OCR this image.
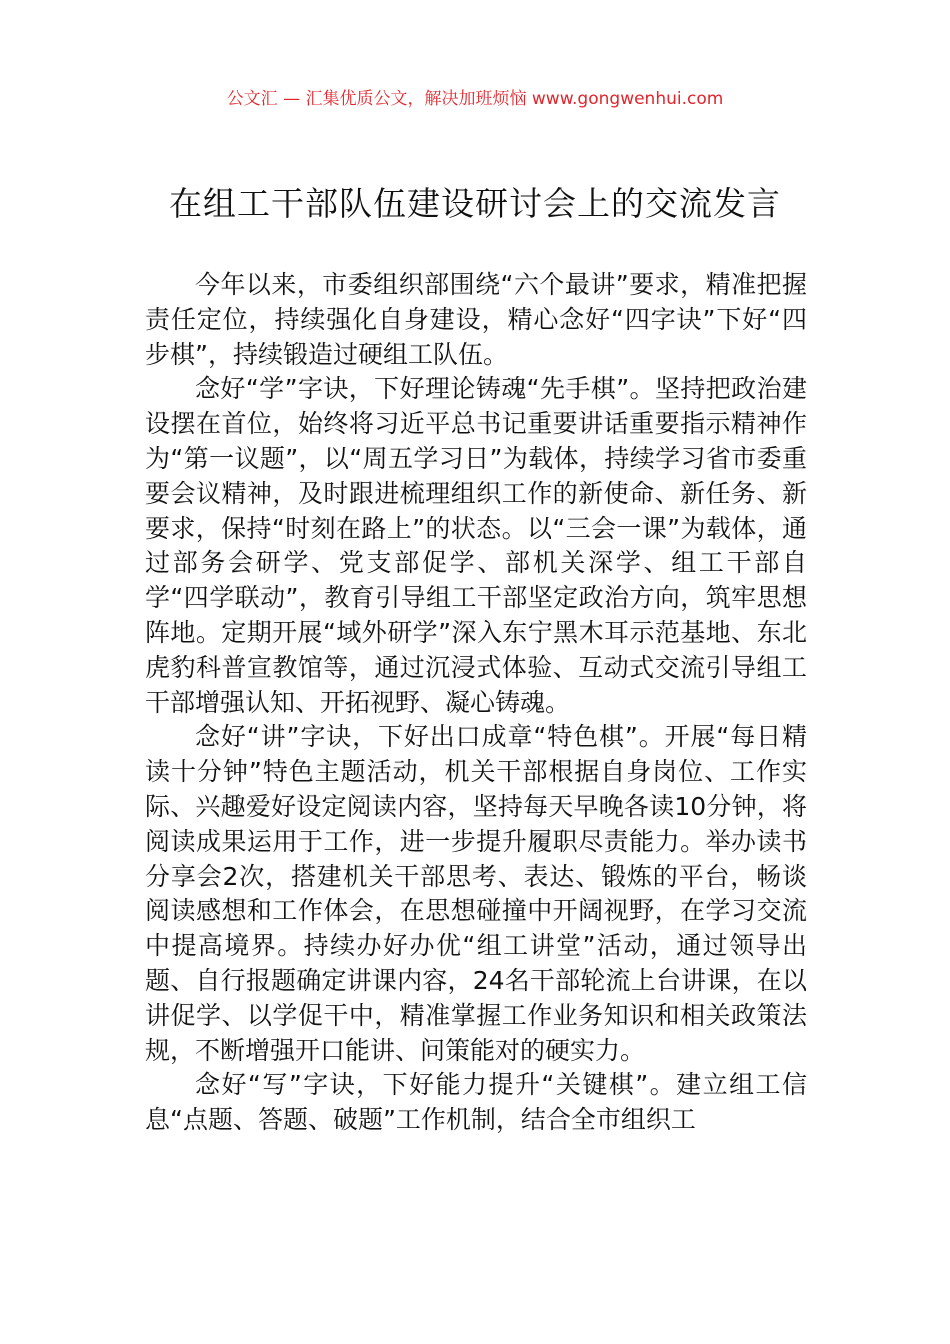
公文汇 — 汇集优质公文，解决加班烦恼 www.gongwenhui.com
在组工干部队伍建设研讨会上的交流发言

今年以来，市委组织部围绕“六个最讲”要求，精准把握责任定位，持续强化自身建设，精心念好“四字诀”下好“四步棋”，持续锻造过硬组工队伍。

念好“学”字诀，下好理论铸魂“先手棋”。坚持把政治建设摆在首位，始终将习近平总书记重要讲话重要指示精神作为“第一议题”，以“周五学习日”为载体，持续学习省市委重要会议精神，及时跟进梳理组织工作的新使命、新任务、新要求，保持“时刻在路上”的状态。以“三会一课”为载体，通过部务会研学、党支部促学、部机关深学、组工干部自学“四学联动”，教育引导组工干部坚定政治方向，筑牢思想阵地。定期开展“域外研学”深入东宁黑木耳示范基地、东北虎豹科普宣教馆等，通过沉浸式体验、互动式交流引导组工干部增强认知、开拓视野、凝心铸魂。

念好“讲”字诀，下好出口成章“特色棋”。开展“每日精读十分钟”特色主题活动，机关干部根据自身岗位、工作实际、兴趣爱好设定阅读内容，坚持每天早晚各读10分钟，将阅读成果运用于工作，进一步提升履职尽责能力。举办读书分享会2次，搭建机关干部思考、表达、锻炼的平台，畅谈阅读感想和工作体会，在思想碰撞中开阔视野，在学习交流中提高境界。持续办好办优“组工讲堂”活动，通过领导出题、自行报题确定讲课内容，24名干部轮流上台讲课，在以讲促学、以学促干中，精准掌握工作业务知识和相关政策法规，不断增强开口能讲、问策能对的硬实力。

念好“写”字诀，下好能力提升“关键棋”。建立组工信息“点题、答题、破题”工作机制，结合全市组织工
